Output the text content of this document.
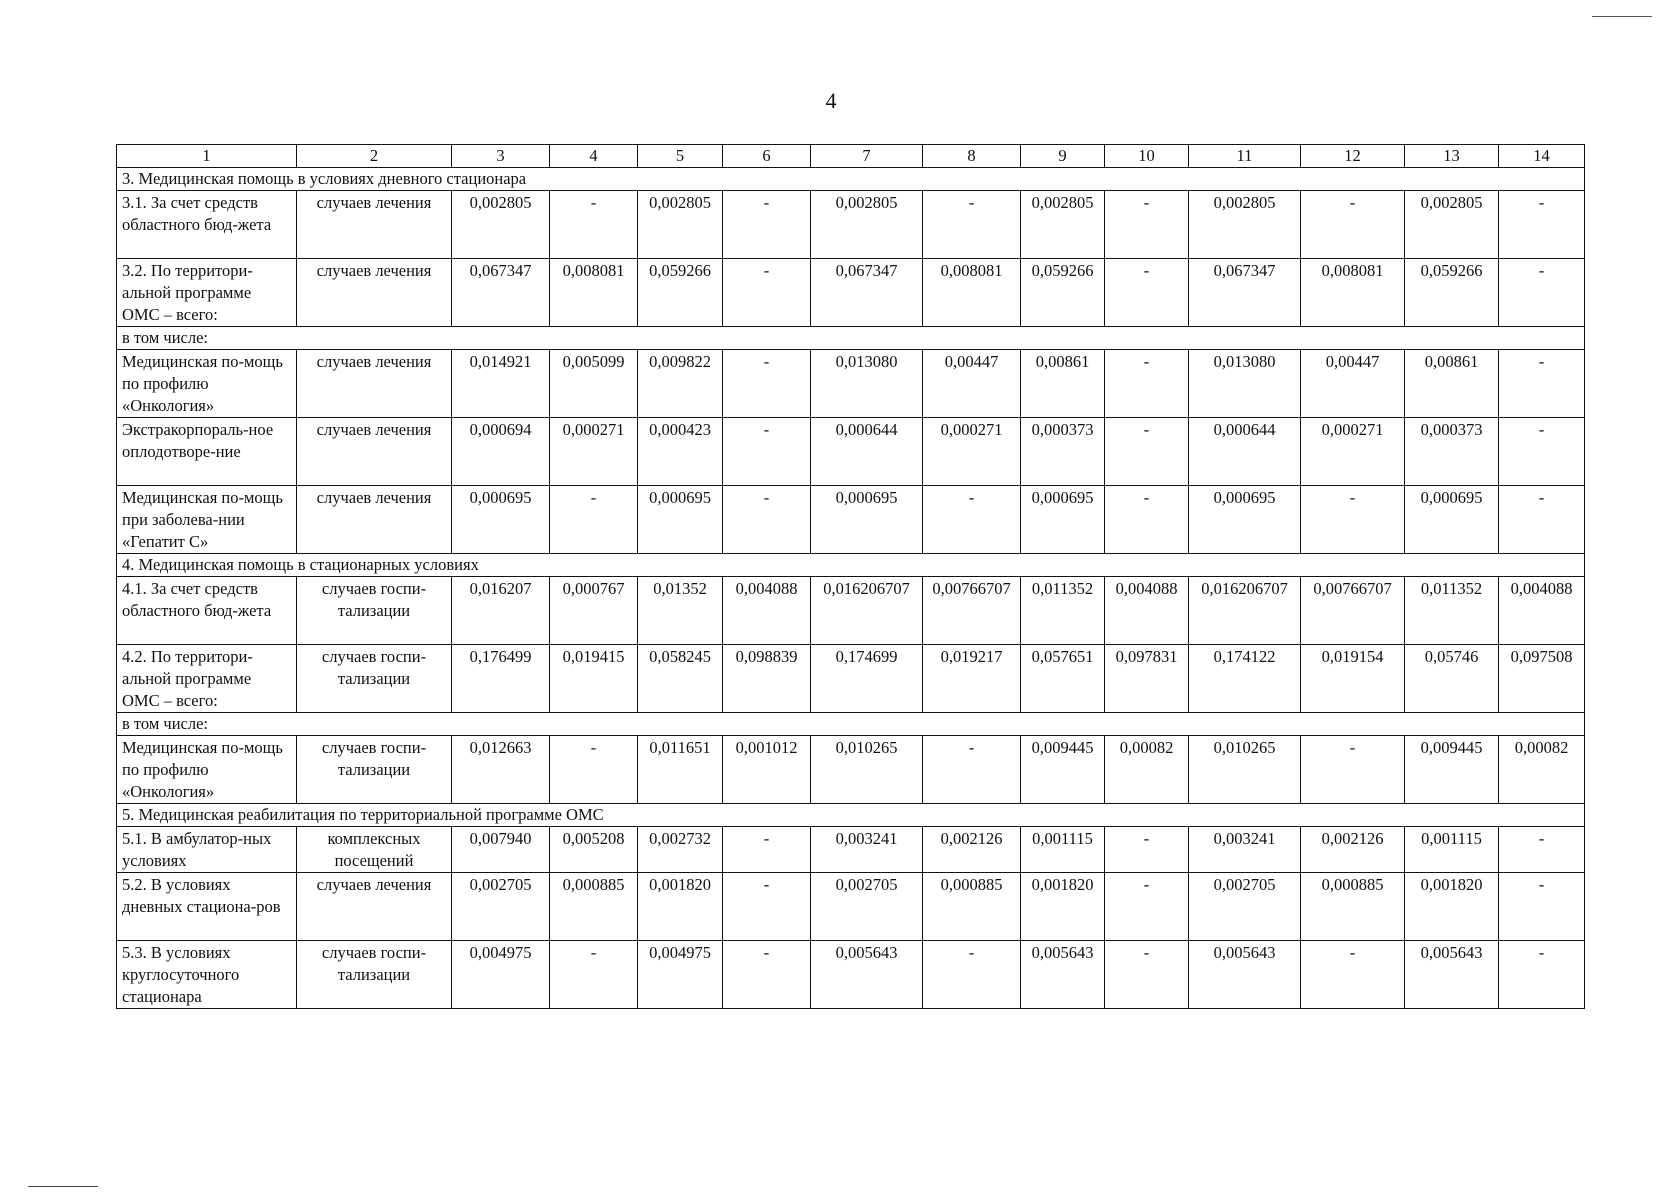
4
1	2	3	4	5	6	7	8	9	10	11	12	13	14
3. Медицинская помощь в условиях дневного стационара													
3.1. За счет средств областного бюд-жета	случаев лечения	0,002805	-	0,002805	-	0,002805	-	0,002805	-	0,002805	-	0,002805	-
3.2. По территори-альной программе ОМС – всего:	случаев лечения	0,067347	0,008081	0,059266	-	0,067347	0,008081	0,059266	-	0,067347	0,008081	0,059266	-
в том числе:													
Медицинская по-мощь по профилю «Онкология»	случаев лечения	0,014921	0,005099	0,009822	-	0,013080	0,00447	0,00861	-	0,013080	0,00447	0,00861	-
Экстракорпораль-ное оплодотворе-ние	случаев лечения	0,000694	0,000271	0,000423	-	0,000644	0,000271	0,000373	-	0,000644	0,000271	0,000373	-
Медицинская по-мощь при заболева-нии «Гепатит С»	случаев лечения	0,000695	-	0,000695	-	0,000695	-	0,000695	-	0,000695	-	0,000695	-
4. Медицинская помощь в стационарных условиях													
4.1. За счет средств областного бюд-жета	случаев госпи-тализации	0,016207	0,000767	0,01352	0,004088	0,016206707	0,00766707	0,011352	0,004088	0,016206707	0,00766707	0,011352	0,004088
4.2. По территори-альной программе ОМС – всего:	случаев госпи-тализации	0,176499	0,019415	0,058245	0,098839	0,174699	0,019217	0,057651	0,097831	0,174122	0,019154	0,05746	0,097508
в том числе:													
Медицинская по-мощь по профилю «Онкология»	случаев госпи-тализации	0,012663	-	0,011651	0,001012	0,010265	-	0,009445	0,00082	0,010265	-	0,009445	0,00082
5. Медицинская реабилитация по территориальной программе ОМС													
5.1. В амбулатор-ных условиях	комплексных посещений	0,007940	0,005208	0,002732	-	0,003241	0,002126	0,001115	-	0,003241	0,002126	0,001115	-
5.2. В условиях дневных стациона-ров	случаев лечения	0,002705	0,000885	0,001820	-	0,002705	0,000885	0,001820	-	0,002705	0,000885	0,001820	-
5.3. В условиях круглосуточного стационара	случаев госпи-тализации	0,004975	-	0,004975	-	0,005643	-	0,005643	-	0,005643	-	0,005643	-
